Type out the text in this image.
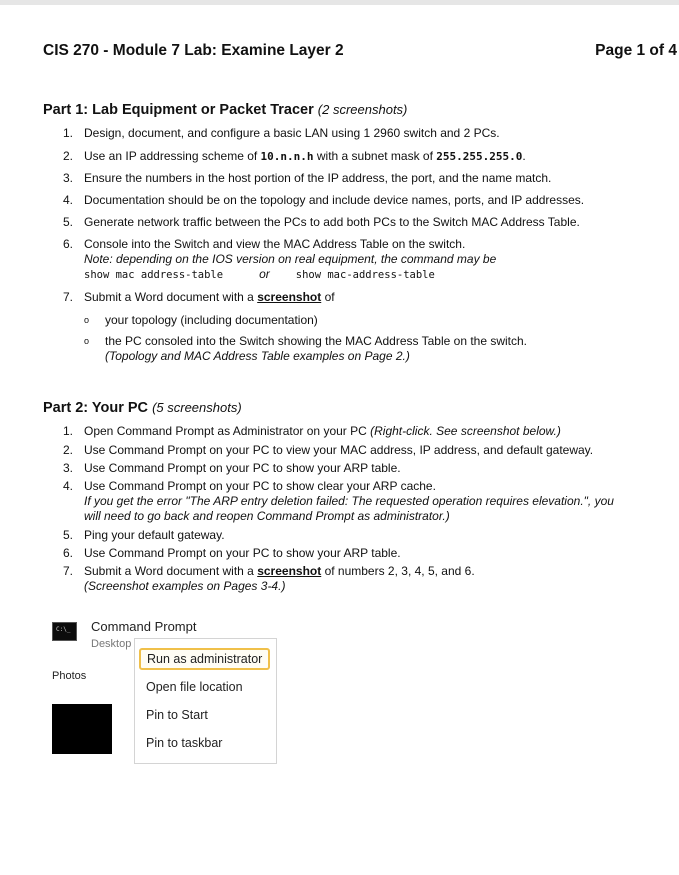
CIS 270 - Module 7 Lab: Examine Layer 2	Page 1 of 4
Part 1: Lab Equipment or Packet Tracer (2 screenshots)
1. Design, document, and configure a basic LAN using 1 2960 switch and 2 PCs.
2. Use an IP addressing scheme of 10.n.n.h with a subnet mask of 255.255.255.0.
3. Ensure the numbers in the host portion of the IP address, the port, and the name match.
4. Documentation should be on the topology and include device names, ports, and IP addresses.
5. Generate network traffic between the PCs to add both PCs to the Switch MAC Address Table.
6. Console into the Switch and view the MAC Address Table on the switch.
Note: depending on the IOS version on real equipment, the command may be
show mac address-table	or show mac-address-table
7. Submit a Word document with a screenshot of
o your topology (including documentation)
o the PC consoled into the Switch showing the MAC Address Table on the switch.
(Topology and MAC Address Table examples on Page 2.)
Part 2: Your PC (5 screenshots)
1. Open Command Prompt as Administrator on your PC (Right-click. See screenshot below.)
2. Use Command Prompt on your PC to view your MAC address, IP address, and default gateway.
3. Use Command Prompt on your PC to show your ARP table.
4. Use Command Prompt on your PC to show clear your ARP cache.
If you get the error "The ARP entry deletion failed: The requested operation requires elevation.", you
will need to go back and reopen Command Prompt as administrator.)
5. Ping your default gateway.
6. Use Command Prompt on your PC to show your ARP table.
7. Submit a Word document with a screenshot of numbers 2, 3, 4, 5, and 6.
(Screenshot examples on Pages 3-4.)
C:\_ Command Prompt
Desktop
Photos
Run as administrator
Open file location
Pin to Start
Pin to taskbar
